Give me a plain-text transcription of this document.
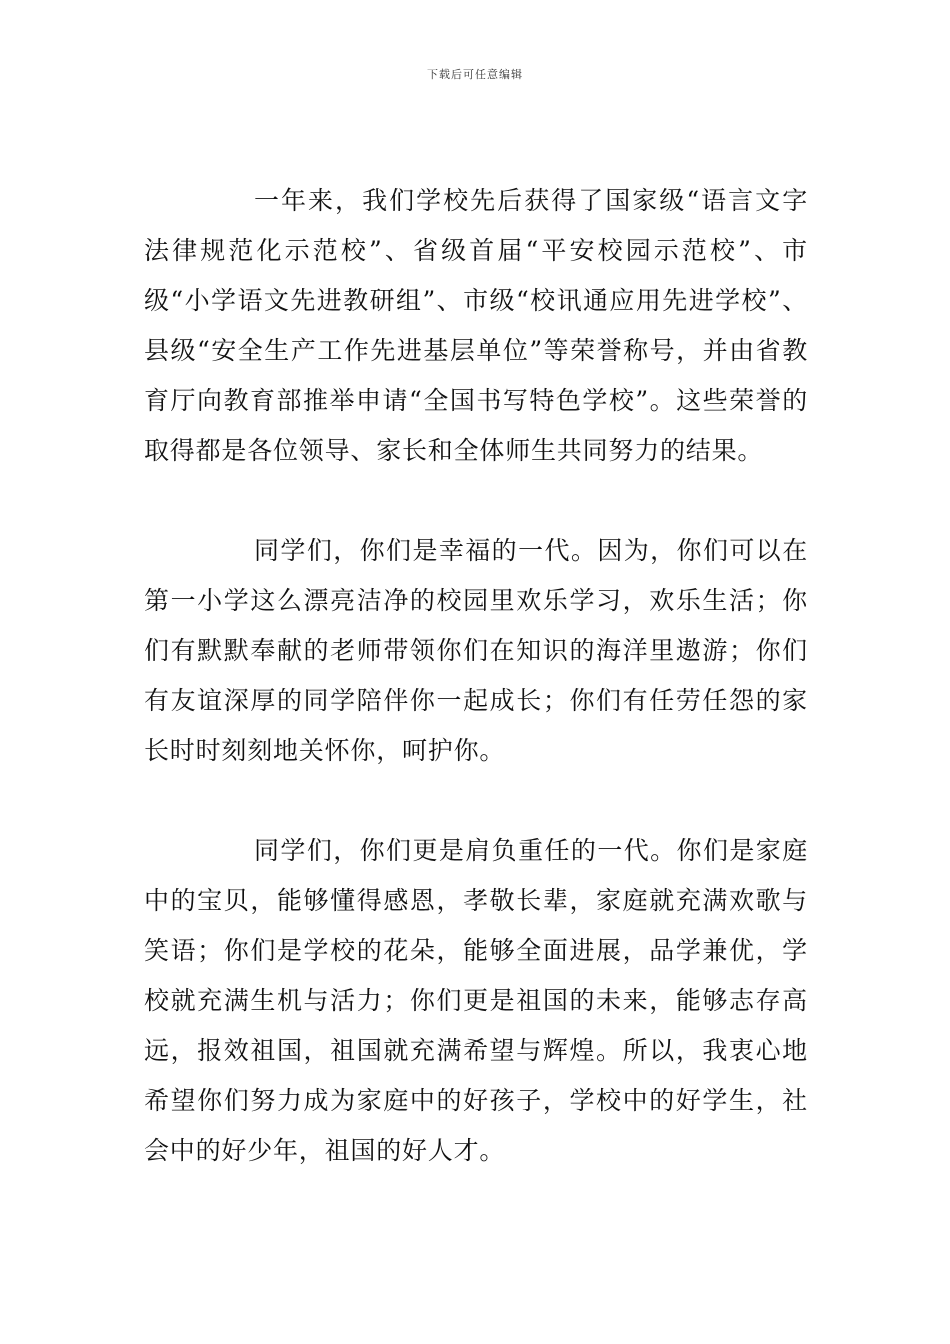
下载后可任意编辑

一年来，我们学校先后获得了国家级“语言文字法律规范化示范校”、省级首届“平安校园示范校”、市级“小学语文先进教研组”、市级“校讯通应用先进学校”、县级“安全生产工作先进基层单位”等荣誉称号，并由省教育厅向教育部推举申请“全国书写特色学校”。这些荣誉的取得都是各位领导、家长和全体师生共同努力的结果。

同学们，你们是幸福的一代。因为，你们可以在第一小学这么漂亮洁净的校园里欢乐学习，欢乐生活；你们有默默奉献的老师带领你们在知识的海洋里遨游；你们有友谊深厚的同学陪伴你一起成长；你们有任劳任怨的家长时时刻刻地关怀你，呵护你。

同学们，你们更是肩负重任的一代。你们是家庭中的宝贝，能够懂得感恩，孝敬长辈，家庭就充满欢歌与笑语；你们是学校的花朵，能够全面进展，品学兼优，学校就充满生机与活力；你们更是祖国的未来，能够志存高远，报效祖国，祖国就充满希望与辉煌。所以，我衷心地希望你们努力成为家庭中的好孩子，学校中的好学生，社会中的好少年，祖国的好人才。
